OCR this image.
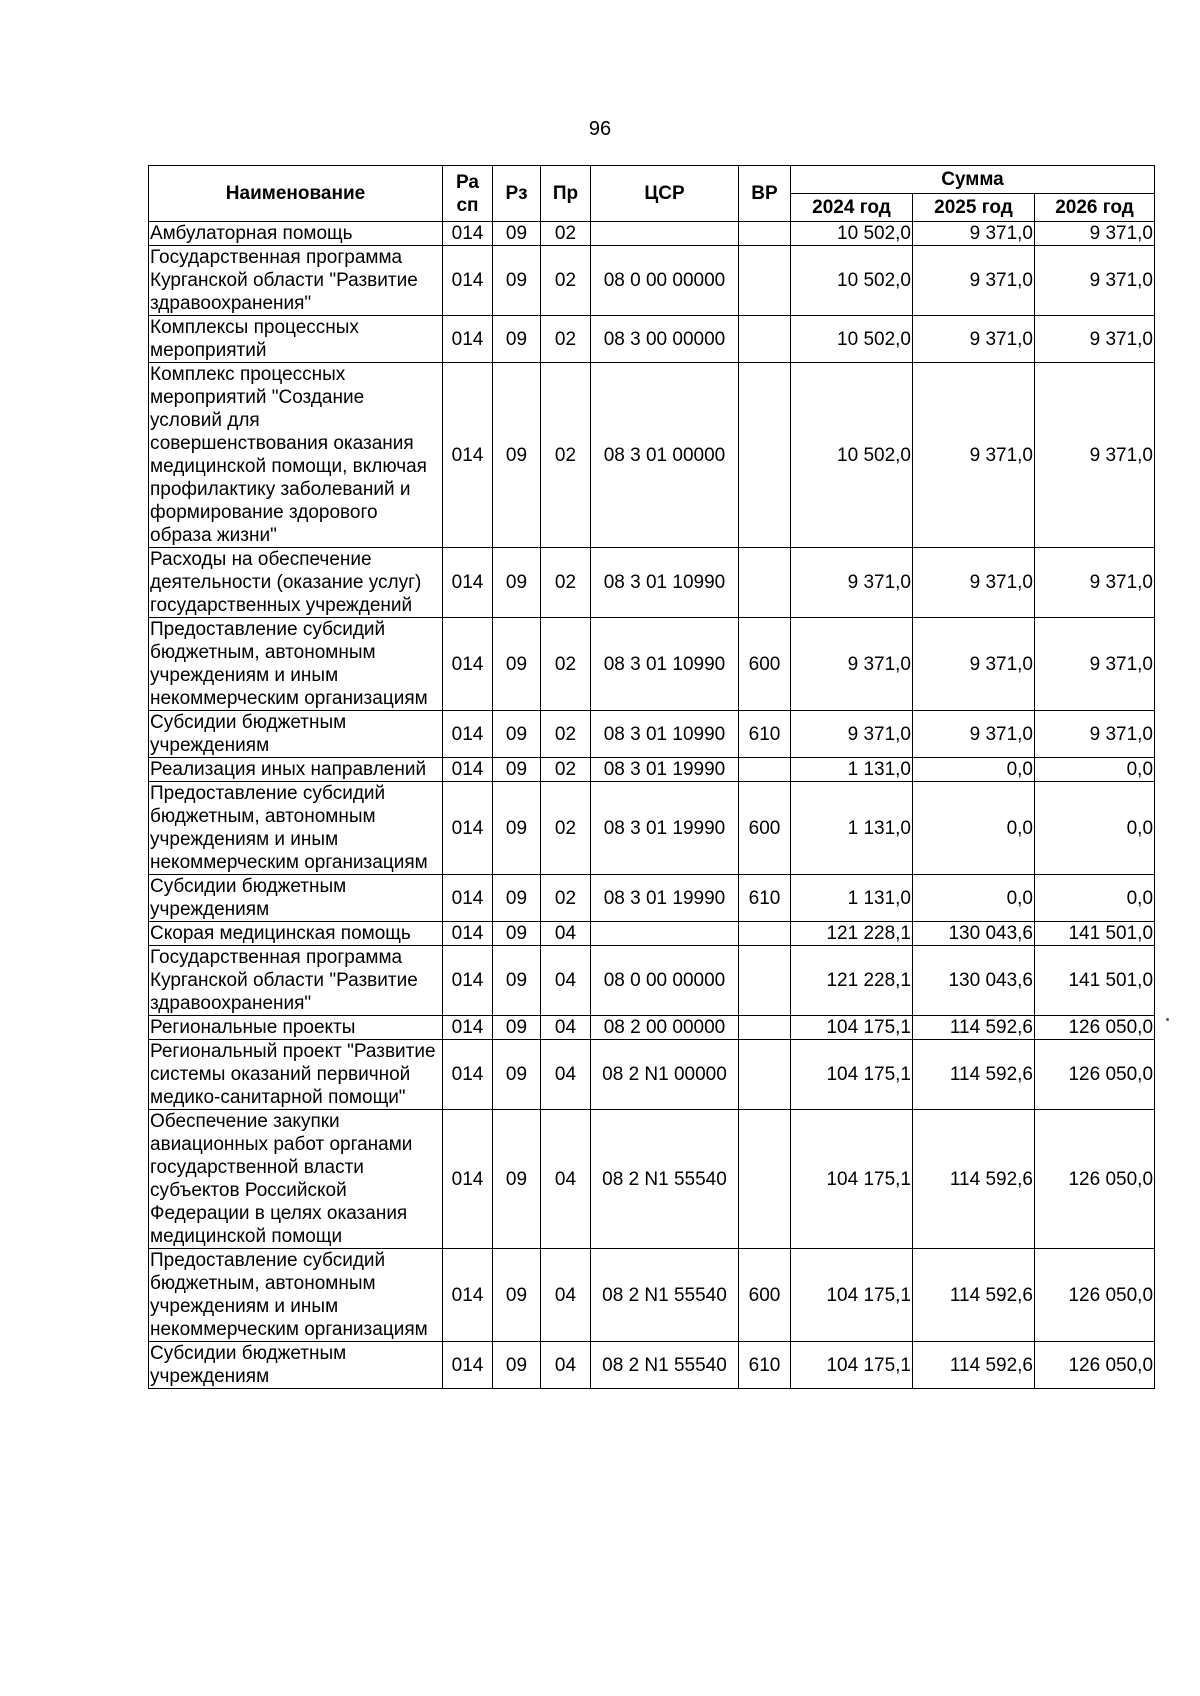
96
Наименование	Ра
сп	Рз	Пр	ЦСР	ВР	Сумма		
						2024 год	2025 год	2026 год
Амбулаторная помощь	014	09	02			10 502,0	9 371,0	9 371,0
Государственная программа Курганской области "Развитие здравоохранения"	014	09	02	08 0 00 00000		10 502,0	9 371,0	9 371,0
Комплексы процессных мероприятий	014	09	02	08 3 00 00000		10 502,0	9 371,0	9 371,0
Комплекс процессных мероприятий "Создание условий для совершенствования оказания медицинской помощи, включая профилактику заболеваний и формирование здорового образа жизни"	014	09	02	08 3 01 00000		10 502,0	9 371,0	9 371,0
Расходы на обеспечение деятельности (оказание услуг) государственных учреждений	014	09	02	08 3 01 10990		9 371,0	9 371,0	9 371,0
Предоставление субсидий бюджетным, автономным учреждениям и иным некоммерческим организациям	014	09	02	08 3 01 10990	600	9 371,0	9 371,0	9 371,0
Субсидии бюджетным учреждениям	014	09	02	08 3 01 10990	610	9 371,0	9 371,0	9 371,0
Реализация иных направлений	014	09	02	08 3 01 19990		1 131,0	0,0	0,0
Предоставление субсидий бюджетным, автономным учреждениям и иным некоммерческим организациям	014	09	02	08 3 01 19990	600	1 131,0	0,0	0,0
Субсидии бюджетным учреждениям	014	09	02	08 3 01 19990	610	1 131,0	0,0	0,0
Скорая медицинская помощь	014	09	04			121 228,1	130 043,6	141 501,0
Государственная программа Курганской области "Развитие здравоохранения"	014	09	04	08 0 00 00000		121 228,1	130 043,6	141 501,0
Региональные проекты	014	09	04	08 2 00 00000		104 175,1	114 592,6	126 050,0
Региональный проект "Развитие системы оказаний первичной медико-санитарной помощи"	014	09	04	08 2 N1 00000		104 175,1	114 592,6	126 050,0
Обеспечение закупки авиационных работ органами государственной власти субъектов Российской Федерации в целях оказания медицинской помощи	014	09	04	08 2 N1 55540		104 175,1	114 592,6	126 050,0
Предоставление субсидий бюджетным, автономным учреждениям и иным некоммерческим организациям	014	09	04	08 2 N1 55540	600	104 175,1	114 592,6	126 050,0
Субсидии бюджетным учреждениям	014	09	04	08 2 N1 55540	610	104 175,1	114 592,6	126 050,0
